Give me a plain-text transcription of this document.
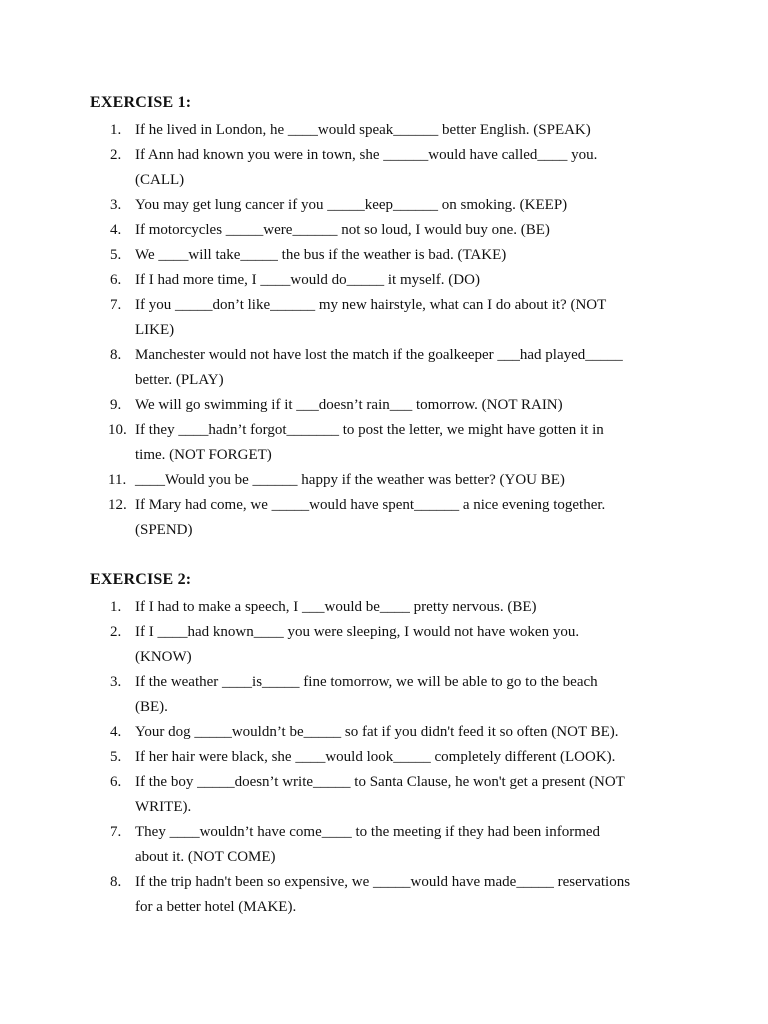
EXERCISE 1:
1. If he lived in London, he ____would speak______ better English. (SPEAK)
2. If Ann had known you were in town, she ______would have called____ you.
(CALL)
3. You may get lung cancer if you _____keep______ on smoking. (KEEP)
4. If motorcycles _____were______ not so loud, I would buy one. (BE)
5. We ____will take_____ the bus if the weather is bad. (TAKE)
6. If I had more time, I ____would do_____ it myself. (DO)
7. If you _____don’t like______ my new hairstyle, what can I do about it? (NOT
LIKE)
8. Manchester would not have lost the match if the goalkeeper ___had played_____
better. (PLAY)
9. We will go swimming if it ___doesn’t rain___ tomorrow. (NOT RAIN)
10. If they ____hadn’t forgot_______ to post the letter, we might have gotten it in
time. (NOT FORGET)
11. ____Would you be ______ happy if the weather was better? (YOU BE)
12. If Mary had come, we _____would have spent______ a nice evening together.
(SPEND)
EXERCISE 2:
1. If I had to make a speech, I ___would be____ pretty nervous. (BE)
2. If I ____had known____ you were sleeping, I would not have woken you.
(KNOW)
3. If the weather ____is_____ fine tomorrow, we will be able to go to the beach
(BE).
4. Your dog _____wouldn’t be_____ so fat if you didn't feed it so often (NOT BE).
5. If her hair were black, she ____would look_____ completely different (LOOK).
6. If the boy _____doesn’t write_____ to Santa Clause, he won't get a present (NOT
WRITE).
7. They ____wouldn’t have come____ to the meeting if they had been informed
about it. (NOT COME)
8. If the trip hadn't been so expensive, we _____would have made_____ reservations
for a better hotel (MAKE).
